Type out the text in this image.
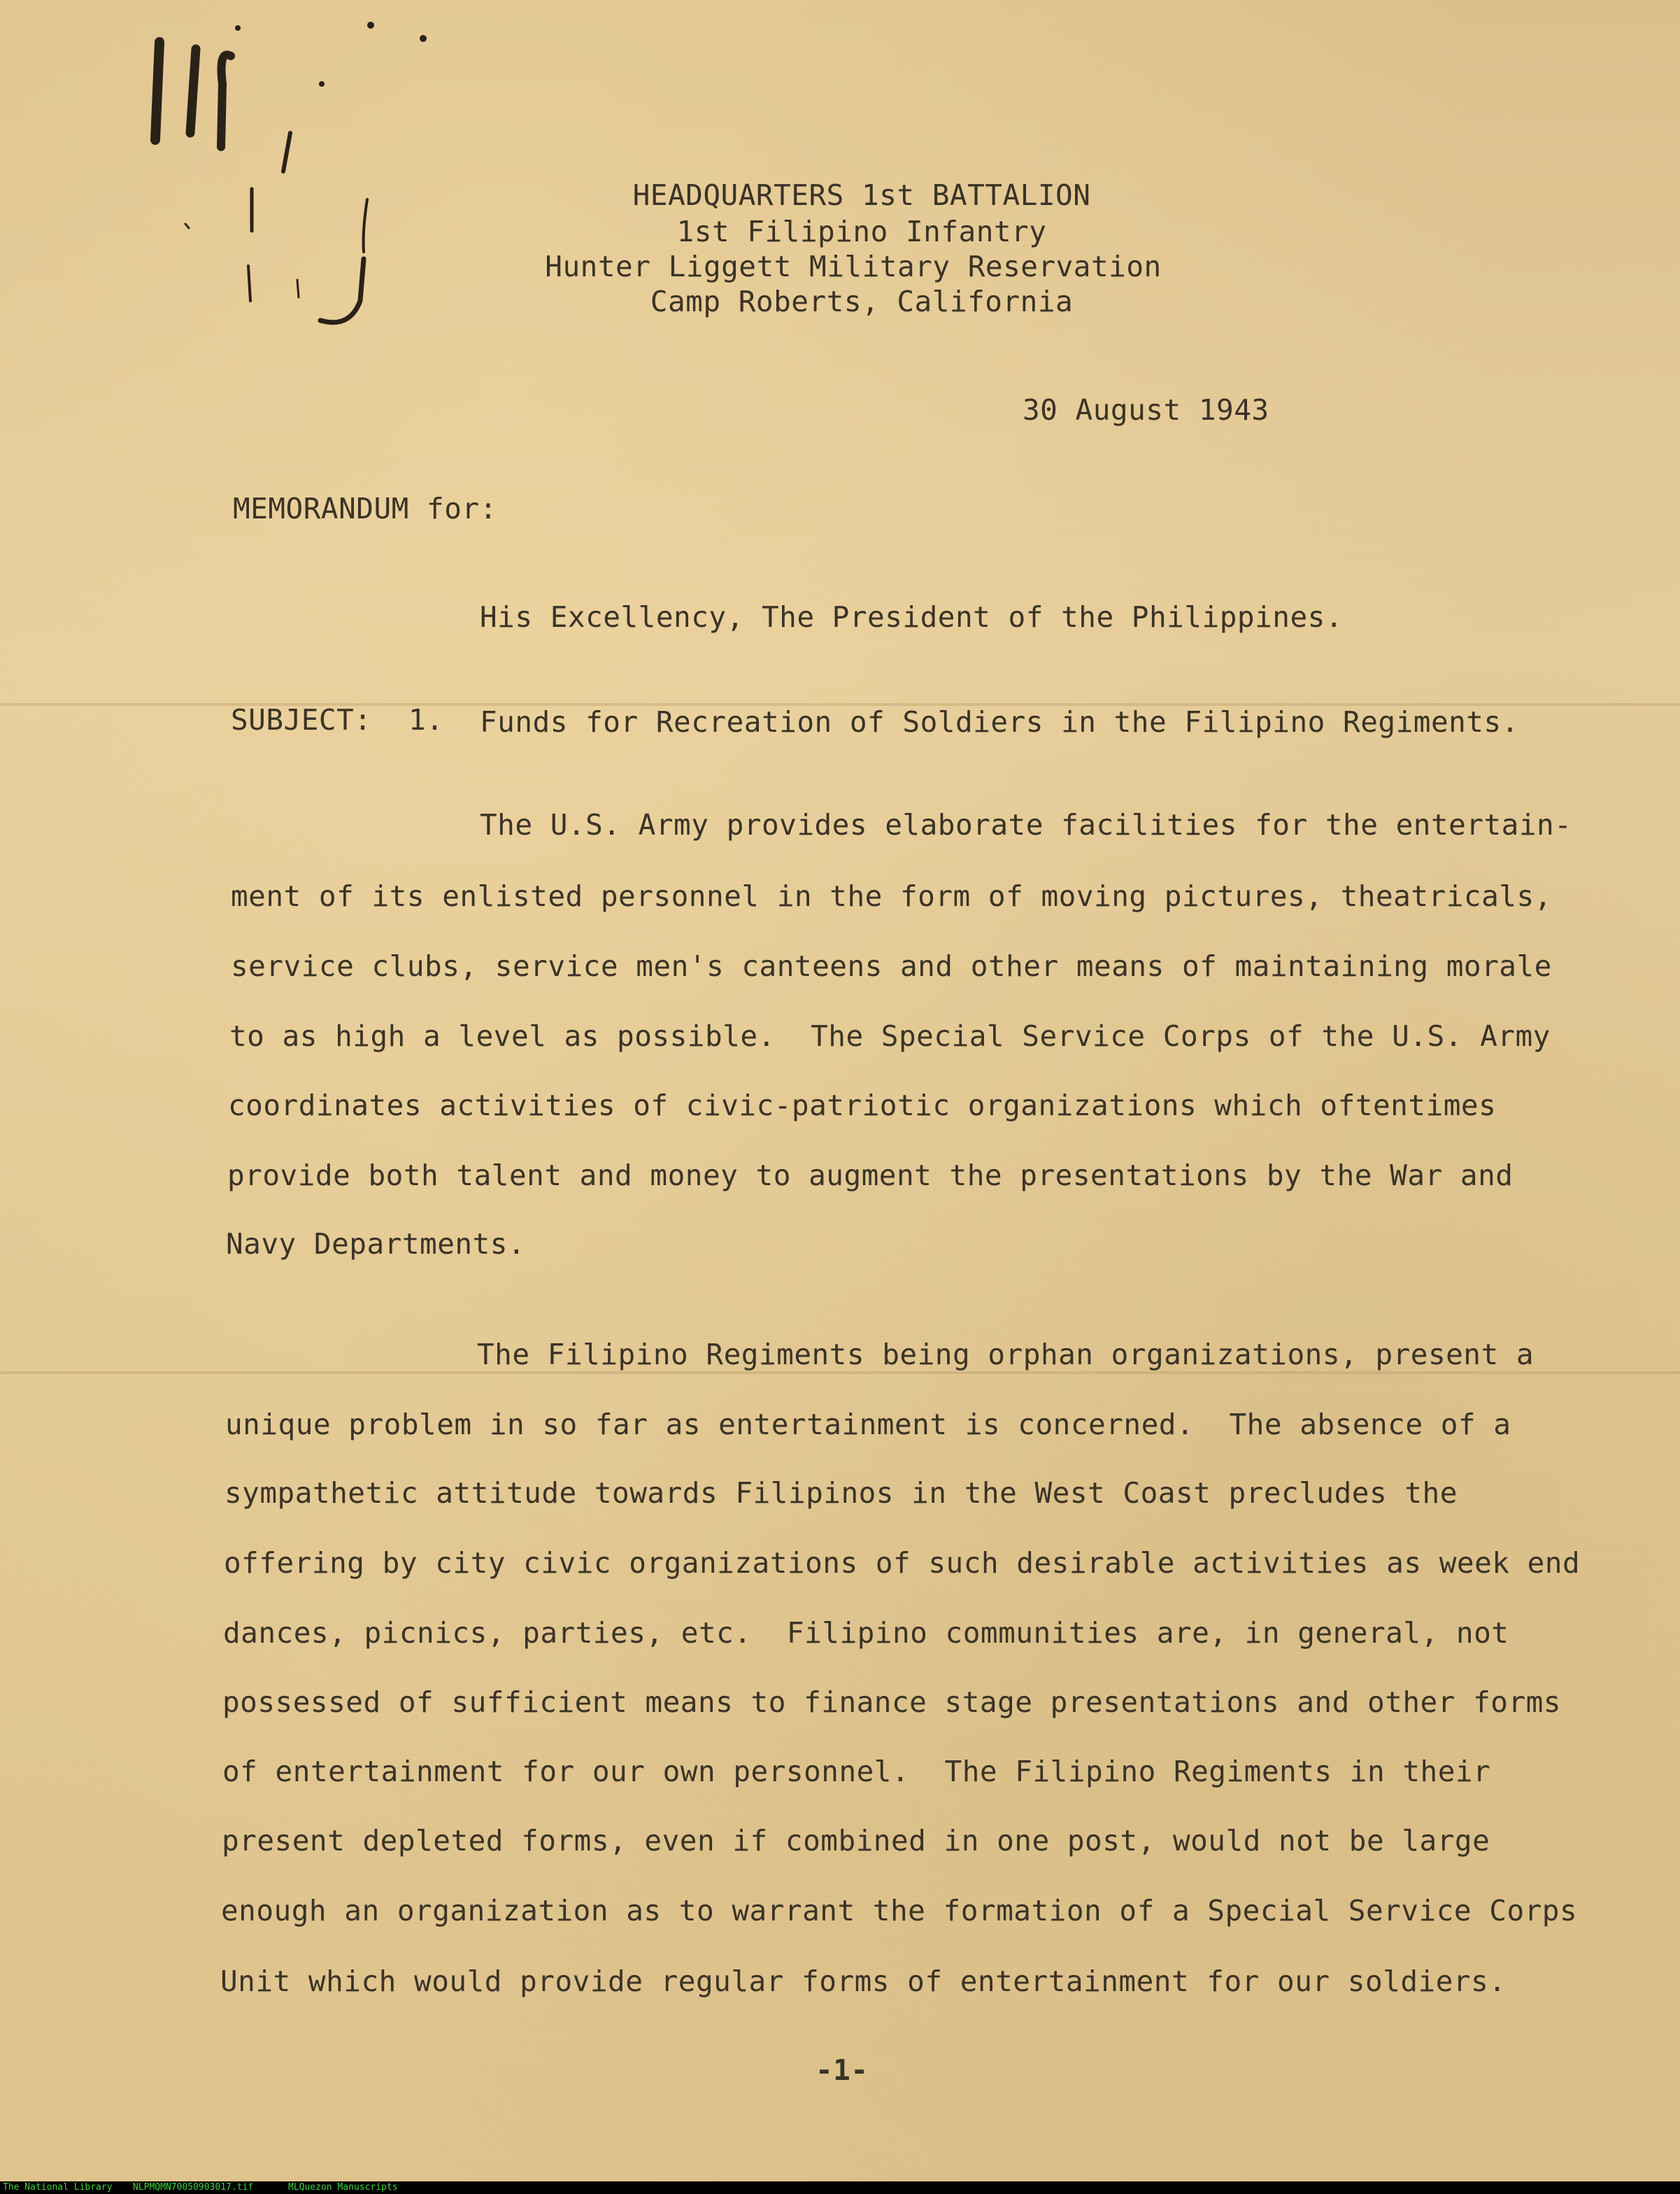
HEADQUARTERS 1st BATTALION
1st Filipino Infantry
Hunter Liggett Military Reservation
Camp Roberts, California
30 August 1943
MEMORANDUM for:
His Excellency, The President of the Philippines.
SUBJECT: 1. Funds for Recreation of Soldiers in the Filipino Regiments.
The U.S. Army provides elaborate facilities for the entertain-
ment of its enlisted personnel in the form of moving pictures, theatricals,
service clubs, service men's canteens and other means of maintaining morale
to as high a level as possible.  The Special Service Corps of the U.S. Army
coordinates activities of civic-patriotic organizations which oftentimes
provide both talent and money to augment the presentations by the War and
Navy Departments.
The Filipino Regiments being orphan organizations, present a
unique problem in so far as entertainment is concerned.  The absence of a
sympathetic attitude towards Filipinos in the West Coast precludes the
offering by city civic organizations of such desirable activities as week end
dances, picnics, parties, etc.  Filipino communities are, in general, not
possessed of sufficient means to finance stage presentations and other forms
of entertainment for our own personnel.  The Filipino Regiments in their
present depleted forms, even if combined in one post, would not be large
enough an organization as to warrant the formation of a Special Service Corps
Unit which would provide regular forms of entertainment for our soldiers.
-1-
The National Library NLPMQMN70050903017.tif	MLQuezon Manuscripts
